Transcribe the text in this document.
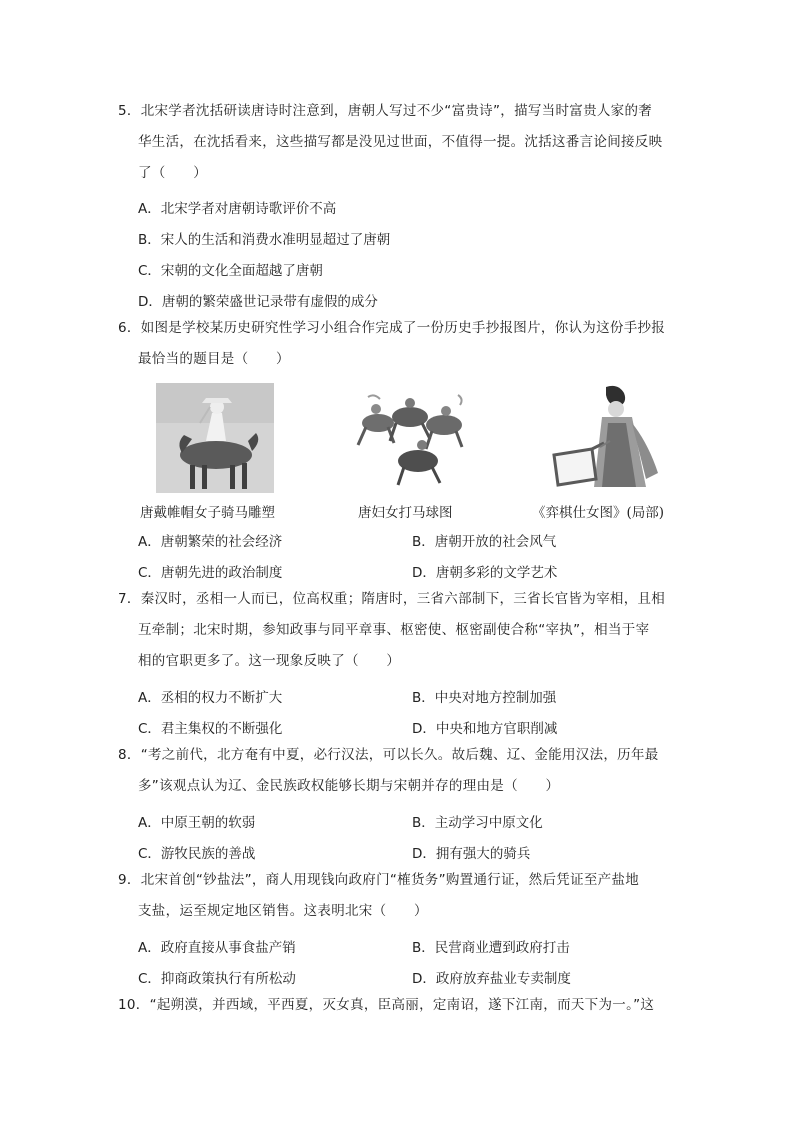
5．北宋学者沈括研读唐诗时注意到，唐朝人写过不少“富贵诗”，描写当时富贵人家的奢
华生活，在沈括看来，这些描写都是没见过世面，不值得一提。沈括这番言论间接反映
了（　　）
A．北宋学者对唐朝诗歌评价不高
B．宋人的生活和消费水准明显超过了唐朝
C．宋朝的文化全面超越了唐朝
D．唐朝的繁荣盛世记录带有虚假的成分
6．如图是学校某历史研究性学习小组合作完成了一份历史手抄报图片，你认为这份手抄报
最恰当的题目是（　　）
唐戴帷帽女子骑马雕塑	唐妇女打马球图	《弈棋仕女图》(局部)
A．唐朝繁荣的社会经济	B．唐朝开放的社会风气
C．唐朝先进的政治制度	D．唐朝多彩的文学艺术
7．秦汉时，丞相一人而已，位高权重；隋唐时，三省六部制下，三省长官皆为宰相，且相
互牵制；北宋时期，参知政事与同平章事、枢密使、枢密副使合称“宰执”，相当于宰
相的官职更多了。这一现象反映了（　　）
A．丞相的权力不断扩大	B．中央对地方控制加强
C．君主集权的不断强化	D．中央和地方官职削减
8．“考之前代，北方奄有中夏，必行汉法，可以长久。故后魏、辽、金能用汉法，历年最
多”该观点认为辽、金民族政权能够长期与宋朝并存的理由是（　　）
A．中原王朝的软弱	B．主动学习中原文化
C．游牧民族的善战	D．拥有强大的骑兵
9．北宋首创“钞盐法”，商人用现钱向政府门“榷货务”购置通行证，然后凭证至产盐地
支盐，运至规定地区销售。这表明北宋（　　）
A．政府直接从事食盐产销	B．民营商业遭到政府打击
C．抑商政策执行有所松动	D．政府放弃盐业专卖制度
10．“起朔漠，并西域，平西夏，灭女真，臣高丽，定南诏，遂下江南，而天下为一。”这
